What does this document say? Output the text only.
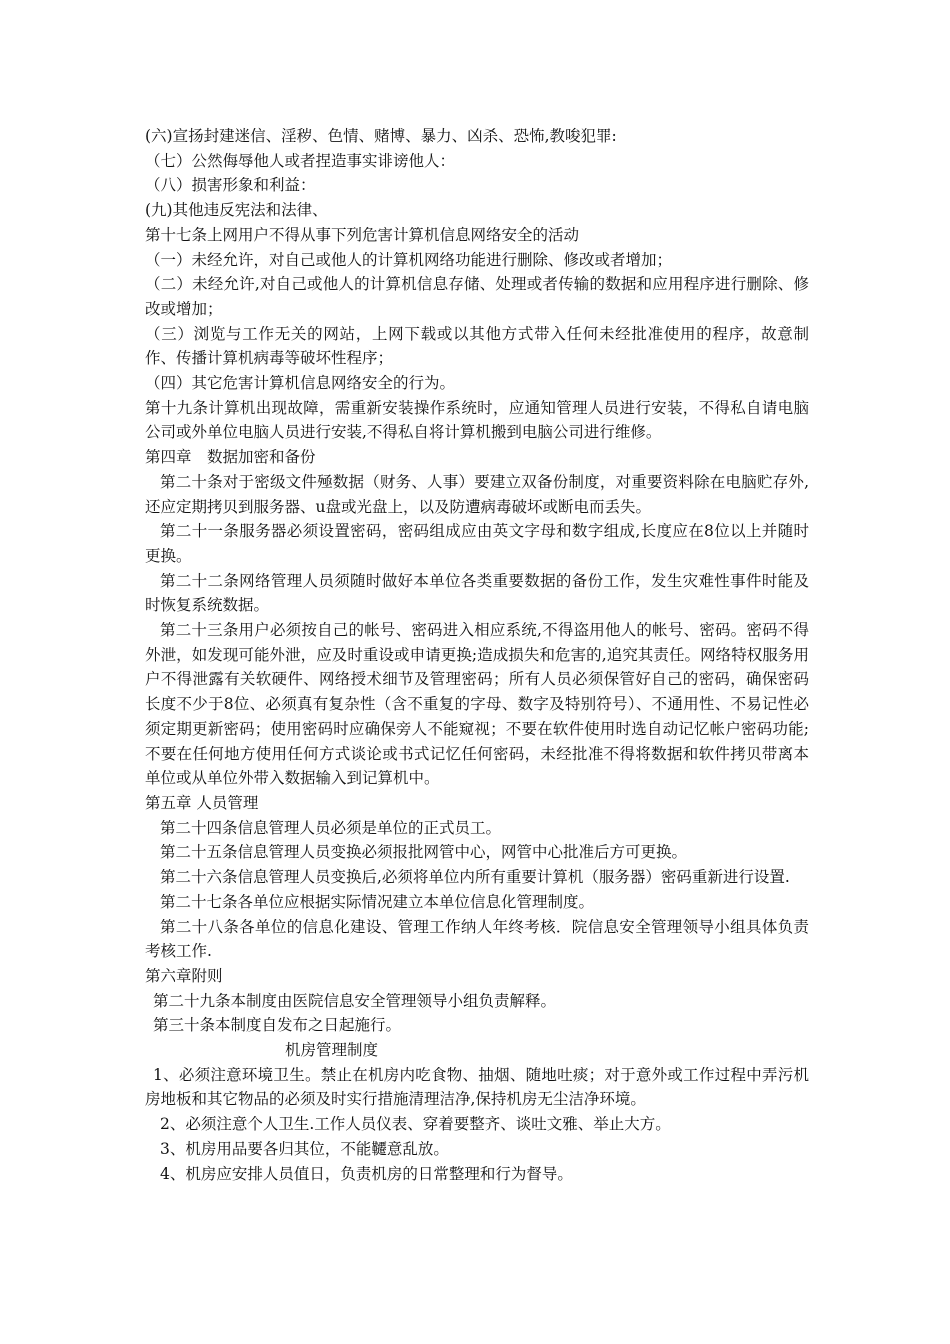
(六)宣扬封建迷信、淫秽、色情、赌博、暴力、凶杀、恐怖,教唆犯罪:

（七）公然侮辱他人或者捏造事实诽谤他人：

（八）损害形象和利益：

(九)其他违反宪法和法律、

第十七条上网用户不得从事下列危害计算机信息网络安全的活动

（一）未经允许，对自己或他人的计算机网络功能进行删除、修改或者增加；

（二）未经允许,对自己或他人的计算机信息存储、处理或者传输的数据和应用程序进行删除、修改或增加；

（三）浏览与工作无关的网站，上网下载或以其他方式带入任何未经批准使用的程序，故意制作、传播计算机病毒等破坏性程序；

（四）其它危害计算机信息网络安全的行为。

第十九条计算机出现故障，需重新安装操作系统时，应通知管理人员进行安装，不得私自请电脑公司或外单位电脑人员进行安装,不得私自将计算机搬到电脑公司进行维修。

第四章　数据加密和备份

第二十条对于密级文件殛数据（财务、人事）要建立双备份制度，对重要资料除在电脑贮存外,还应定期拷贝到服务器、u盘或光盘上，以及防遭病毒破坏或断电而丢失。

第二十一条服务器必须设置密码，密码组成应由英文字母和数字组成,长度应在8位以上并随时更换。

第二十二条网络管理人员须随时做好本单位各类重要数据的备份工作，发生灾难性事件时能及时恢复系统数据。

第二十三条用户必须按自己的帐号、密码进入相应系统,不得盗用他人的帐号、密码。密码不得外泄，如发现可能外泄，应及时重设或申请更换;造成损失和危害的,追究其责任。网络特权服务用户不得泄露有关软硬件、网络授术细节及管理密码；所有人员必须保管好自己的密码，确保密码长度不少于8位、必须真有复杂性（含不重复的字母、数字及特别符号）、不通用性、不易记性必须定期更新密码；使用密码时应确保旁人不能窥视；不要在软件使用时选自动记忆帐户密码功能;不要在任何地方使用任何方式谈论或书式记忆任何密码，未经批准不得将数据和软件拷贝带离本单位或从单位外带入数据输入到记算机中。

第五章 人员管理

第二十四条信息管理人员必须是单位的正式员工。

第二十五条信息管理人员变换必须报批网管中心，网管中心批准后方可更换。

第二十六条信息管理人员变换后,必须将单位内所有重要计算机（服务器）密码重新进行设置.

第二十七条各单位应根据实际情况建立本单位信息化管理制度。

第二十八条各单位的信息化建设、管理工作纳人年终考核．院信息安全管理领导小组具体负责考核工作.

第六章附则

第二十九条本制度由医院信息安全管理领导小组负责解释。

第三十条本制度自发布之日起施行。

机房管理制度

1、必须注意环境卫生。禁止在机房内吃食物、抽烟、随地吐痰；对于意外或工作过程中弄污机房地板和其它物品的必须及时实行措施清理洁净,保持机房无尘洁净环境。

2、必须注意个人卫生.工作人员仪表、穿着要整齐、谈吐文雅、举止大方。

3、机房用品要各归其位，不能韆意乱放。

4、机房应安排人员值日，负责机房的日常整理和行为督导。
